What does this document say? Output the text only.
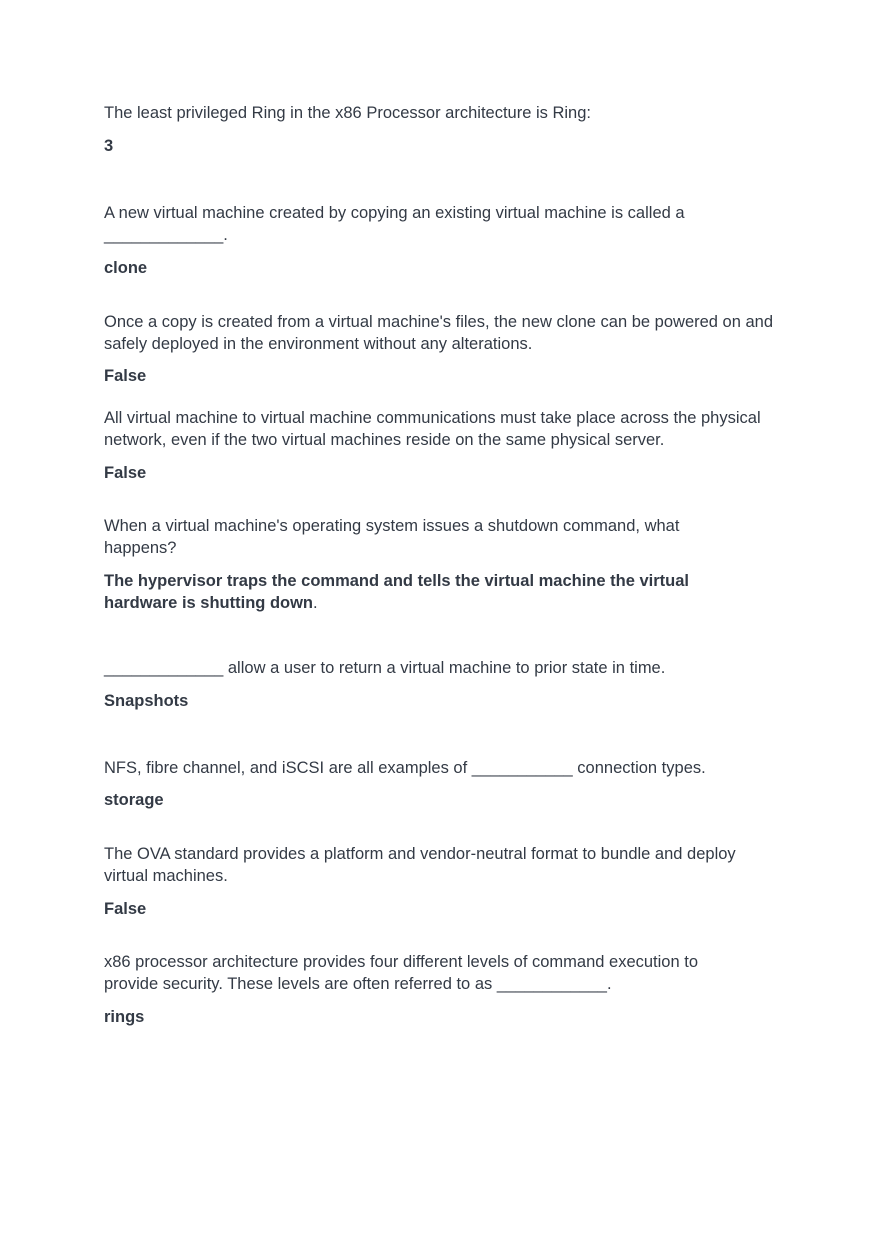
The least privileged Ring in the x86 Processor architecture is Ring:

3

A new virtual machine created by copying an existing virtual machine is called a _____________.

clone

Once a copy is created from a virtual machine's files, the new clone can be powered on and safely deployed in the environment without any alterations.

False

All virtual machine to virtual machine communications must take place across the physical network, even if the two virtual machines reside on the same physical server.

False

When a virtual machine's operating system issues a shutdown command, what happens?

The hypervisor traps the command and tells the virtual machine the virtual hardware is shutting down.

_____________ allow a user to return a virtual machine to prior state in time.

Snapshots

NFS, fibre channel, and iSCSI are all examples of ___________ connection types.

storage

The OVA standard provides a platform and vendor-neutral format to bundle and deploy virtual machines.

False

x86 processor architecture provides four different levels of command execution to provide security. These levels are often referred to as ____________.

rings
